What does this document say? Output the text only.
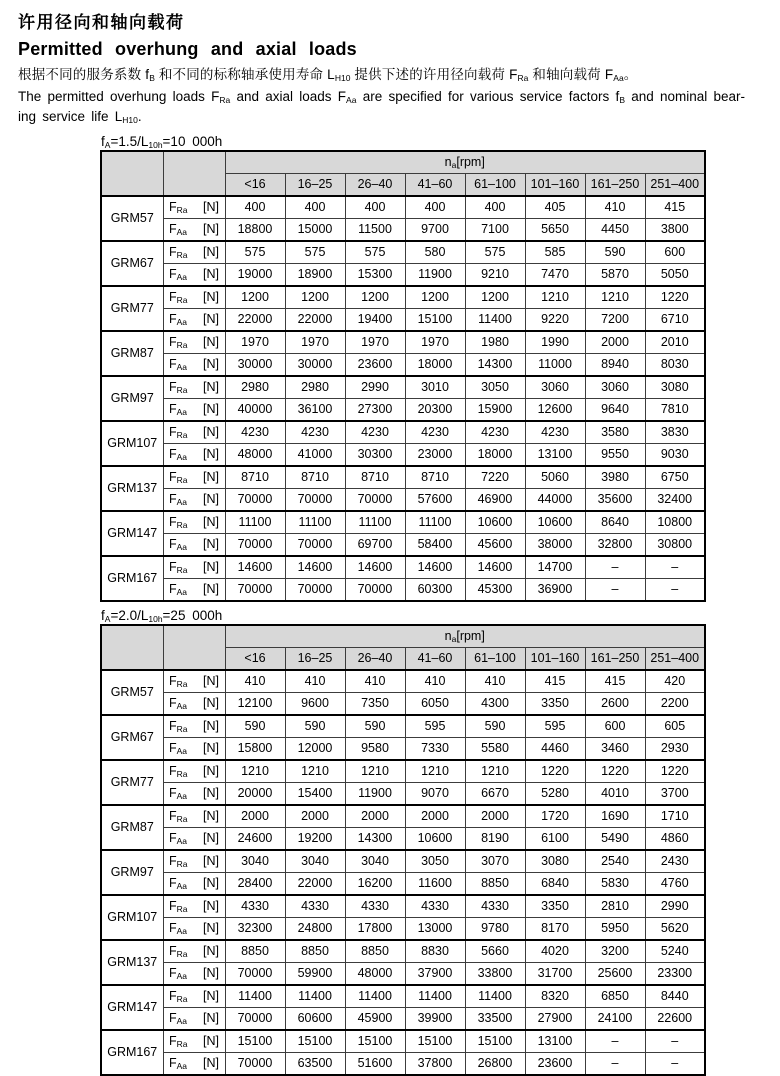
许用径向和轴向载荷
Permitted overhung and axial loads

根据不同的服务系数 $f_B$ 和不同的标称轴承使用寿命 $L_{H10}$ 提供下述的许用径向载荷 $F_{Ra}$ 和轴向载荷 $F_{Aa}$。

The permitted overhung loads $F_{Ra}$ and axial loads $F_{Aa}$ are specified for various service factors $f_B$ and nominal bear-
ing service life $L_{H10}$.

$f_A=1.5/L_{10h}=10$ 000h
		$n_a[rpm]$							
		<16	16–25	26–40	41–60	61–100	101–160	161–250	251–400
GRM57	$F_{Ra}$ [N]	400	400	400	400	400	405	410	415
	$F_{Aa}$ [N]	18800	15000	11500	9700	7100	5650	4450	3800
GRM67	$F_{Ra}$ [N]	575	575	575	580	575	585	590	600
	$F_{Aa}$ [N]	19000	18900	15300	11900	9210	7470	5870	5050
GRM77	$F_{Ra}$ [N]	1200	1200	1200	1200	1200	1210	1210	1220
	$F_{Aa}$ [N]	22000	22000	19400	15100	11400	9220	7200	6710
GRM87	$F_{Ra}$ [N]	1970	1970	1970	1970	1980	1990	2000	2010
	$F_{Aa}$ [N]	30000	30000	23600	18000	14300	11000	8940	8030
GRM97	$F_{Ra}$ [N]	2980	2980	2990	3010	3050	3060	3060	3080
	$F_{Aa}$ [N]	40000	36100	27300	20300	15900	12600	9640	7810
GRM107	$F_{Ra}$ [N]	4230	4230	4230	4230	4230	4230	3580	3830
	$F_{Aa}$ [N]	48000	41000	30300	23000	18000	13100	9550	9030
GRM137	$F_{Ra}$ [N]	8710	8710	8710	8710	7220	5060	3980	6750
	$F_{Aa}$ [N]	70000	70000	70000	57600	46900	44000	35600	32400
GRM147	$F_{Ra}$ [N]	11100	11100	11100	11100	10600	10600	8640	10800
	$F_{Aa}$ [N]	70000	70000	69700	58400	45600	38000	32800	30800
GRM167	$F_{Ra}$ [N]	14600	14600	14600	14600	14600	14700	–	–
	$F_{Aa}$ [N]	70000	70000	70000	60300	45300	36900	–	–
$f_A=2.0/L_{10h}=25$ 000h
		$n_a[rpm]$							
		<16	16–25	26–40	41–60	61–100	101–160	161–250	251–400
GRM57	$F_{Ra}$ [N]	410	410	410	410	410	415	415	420
	$F_{Aa}$ [N]	12100	9600	7350	6050	4300	3350	2600	2200
GRM67	$F_{Ra}$ [N]	590	590	590	595	590	595	600	605
	$F_{Aa}$ [N]	15800	12000	9580	7330	5580	4460	3460	2930
GRM77	$F_{Ra}$ [N]	1210	1210	1210	1210	1210	1220	1220	1220
	$F_{Aa}$ [N]	20000	15400	11900	9070	6670	5280	4010	3700
GRM87	$F_{Ra}$ [N]	2000	2000	2000	2000	2000	1720	1690	1710
	$F_{Aa}$ [N]	24600	19200	14300	10600	8190	6100	5490	4860
GRM97	$F_{Ra}$ [N]	3040	3040	3040	3050	3070	3080	2540	2430
	$F_{Aa}$ [N]	28400	22000	16200	11600	8850	6840	5830	4760
GRM107	$F_{Ra}$ [N]	4330	4330	4330	4330	4330	3350	2810	2990
	$F_{Aa}$ [N]	32300	24800	17800	13000	9780	8170	5950	5620
GRM137	$F_{Ra}$ [N]	8850	8850	8850	8830	5660	4020	3200	5240
	$F_{Aa}$ [N]	70000	59900	48000	37900	33800	31700	25600	23300
GRM147	$F_{Ra}$ [N]	11400	11400	11400	11400	11400	8320	6850	8440
	$F_{Aa}$ [N]	70000	60600	45900	39900	33500	27900	24100	22600
GRM167	$F_{Ra}$ [N]	15100	15100	15100	15100	15100	13100	–	–
	$F_{Aa}$ [N]	70000	63500	51600	37800	26800	23600	–	–
